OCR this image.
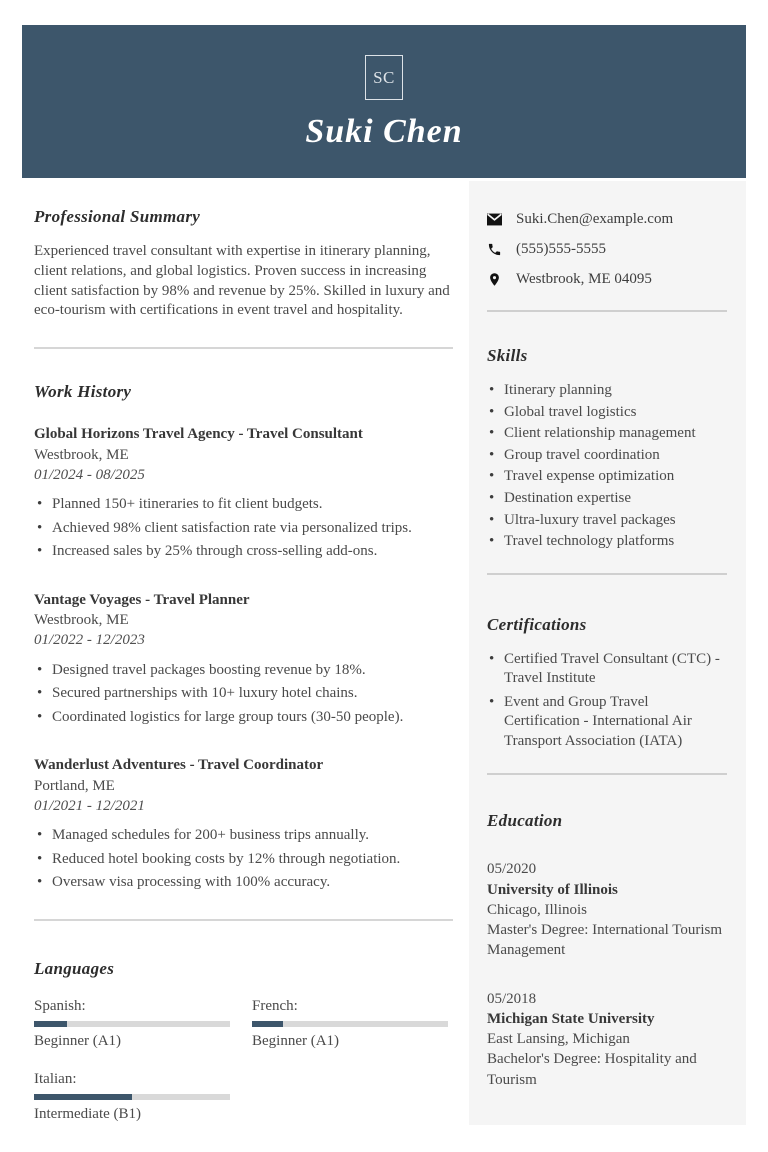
SC
Suki Chen
Professional Summary

Experienced travel consultant with expertise in itinerary planning, client relations, and global logistics. Proven success in increasing client satisfaction by 98% and revenue by 25%. Skilled in luxury and eco-tourism with certifications in event travel and hospitality.

Work History
Global Horizons Travel Agency - Travel Consultant
Westbrook, ME
01/2024 - 08/2025
• Planned 150+ itineraries to fit client budgets.
• Achieved 98% client satisfaction rate via personalized trips.
• Increased sales by 25% through cross-selling add-ons.
Vantage Voyages - Travel Planner
Westbrook, ME
01/2022 - 12/2023
• Designed travel packages boosting revenue by 18%.
• Secured partnerships with 10+ luxury hotel chains.
• Coordinated logistics for large group tours (30-50 people).
Wanderlust Adventures - Travel Coordinator
Portland, ME
01/2021 - 12/2021
• Managed schedules for 200+ business trips annually.
• Reduced hotel booking costs by 12% through negotiation.
• Oversaw visa processing with 100% accuracy.
Languages
Spanish:
Beginner (A1)
French:
Beginner (A1)
Italian:
Intermediate (B1)
Suki.Chen@example.com
(555)555-5555
Westbrook, ME 04095
Skills
• Itinerary planning
• Global travel logistics
• Client relationship management
• Group travel coordination
• Travel expense optimization
• Destination expertise
• Ultra-luxury travel packages
• Travel technology platforms
Certifications
• Certified Travel Consultant (CTC) - Travel Institute
• Event and Group Travel Certification - International Air Transport Association (IATA)
Education
05/2020
University of Illinois
Chicago, Illinois
Master's Degree: International Tourism Management
05/2018
Michigan State University
East Lansing, Michigan
Bachelor's Degree: Hospitality and Tourism
